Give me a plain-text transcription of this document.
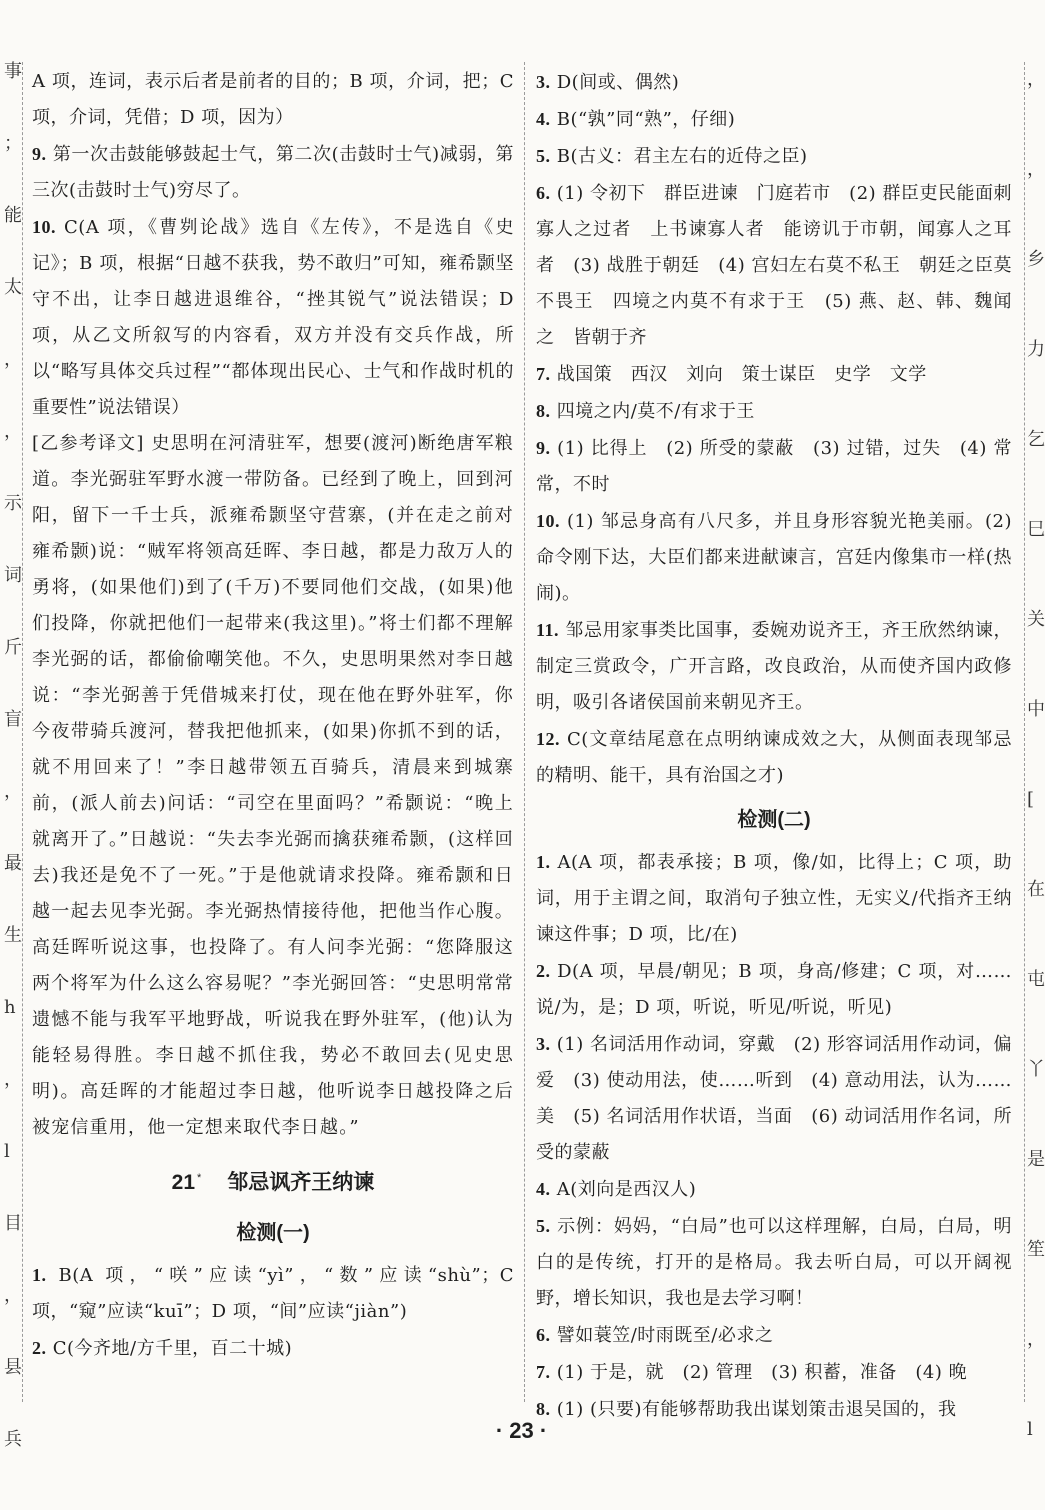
事
；
能
太
，
，
示
词
斤
盲
，
最
生
h
，
l
目
，
县
兵
，
，
乡
力
乞
巳
关
中
[
在
屯
丫
是
笙
，
l

A 项，连词，表示后者是前者的目的；B 项，介词，把；C 项，介词，凭借；D 项，因为）

9. 第一次击鼓能够鼓起士气，第二次(击鼓时士气)减弱，第三次(击鼓时士气)穷尽了。

10. C(A 项，《曹刿论战》选自《左传》，不是选自《史记》；B 项，根据“日越不获我，势不敢归”可知，雍希颢坚守不出，让李日越进退维谷，“挫其锐气”说法错误；D 项，从乙文所叙写的内容看，双方并没有交兵作战，所以“略写具体交兵过程”“都体现出民心、士气和作战时机的重要性”说法错误）

[乙参考译文] 史思明在河清驻军，想要(渡河)断绝唐军粮道。李光弼驻军野水渡一带防备。已经到了晚上，回到河阳，留下一千士兵，派雍希颢坚守营寨，(并在走之前对雍希颢)说：“贼军将领高廷晖、李日越，都是力敌万人的勇将，(如果他们)到了(千万)不要同他们交战，(如果)他们投降，你就把他们一起带来(我这里)。”将士们都不理解李光弼的话，都偷偷嘲笑他。不久，史思明果然对李日越说：“李光弼善于凭借城来打仗，现在他在野外驻军，你今夜带骑兵渡河，替我把他抓来，(如果)你抓不到的话，就不用回来了！”李日越带领五百骑兵，清晨来到城寨前，(派人前去)问话：“司空在里面吗？”希颢说：“晚上就离开了。”日越说：“失去李光弼而擒获雍希颢，(这样回去)我还是免不了一死。”于是他就请求投降。雍希颢和日越一起去见李光弼。李光弼热情接待他，把他当作心腹。高廷晖听说这事，也投降了。有人问李光弼：“您降服这两个将军为什么这么容易呢？”李光弼回答：“史思明常常遗憾不能与我军平地野战，听说我在野外驻军，(他)认为能轻易得胜。李日越不抓住我，势必不敢回去(见史思明)。高廷晖的才能超过李日越，他听说李日越投降之后被宠信重用，他一定想来取代李日越。”

21 * 邹忌讽齐王纳谏
检测(一)

1. B(A 项，“咲”应读“yì”，“数”应读“shù”；C 项，“窥”应读“kuī”；D 项，“间”应读“jiàn”)

2. C(今齐地/方千里，百二十城)

3. D(间或、偶然)

4. B(“孰”同“熟”，仔细)

5. B(古义：君主左右的近侍之臣)

6. (1) 令初下　群臣进谏　门庭若市　(2) 群臣吏民能面刺寡人之过者　上书谏寡人者　能谤讥于市朝，闻寡人之耳者　(3) 战胜于朝廷　(4) 宫妇左右莫不私王　朝廷之臣莫不畏王　四境之内莫不有求于王　(5) 燕、赵、韩、魏闻之　皆朝于齐

7. 战国策　西汉　刘向　策士谋臣　史学　文学

8. 四境之内/莫不/有求于王

9. (1) 比得上　(2) 所受的蒙蔽　(3) 过错，过失　(4) 常常，不时

10. (1) 邹忌身高有八尺多，并且身形容貌光艳美丽。(2) 命令刚下达，大臣们都来进献谏言，宫廷内像集市一样(热闹)。

11. 邹忌用家事类比国事，委婉劝说齐王，齐王欣然纳谏，制定三赏政令，广开言路，改良政治，从而使齐国内政修明，吸引各诸侯国前来朝见齐王。

12. C(文章结尾意在点明纳谏成效之大，从侧面表现邹忌的精明、能干，具有治国之才)

检测(二)

1. A(A 项，都表承接；B 项，像/如，比得上；C 项，助词，用于主谓之间，取消句子独立性，无实义/代指齐王纳谏这件事；D 项，比/在)

2. D(A 项，早晨/朝见；B 项，身高/修建；C 项，对……说/为，是；D 项，听说，听见/听说，听见)

3. (1) 名词活用作动词，穿戴　(2) 形容词活用作动词，偏爱　(3) 使动用法，使……听到　(4) 意动用法，认为……美　(5) 名词活用作状语，当面　(6) 动词活用作名词，所受的蒙蔽

4. A(刘向是西汉人)

5. 示例：妈妈，“白局”也可以这样理解，白局，白局，明白的是传统，打开的是格局。我去听白局，可以开阔视野，增长知识，我也是去学习啊！

6. 譬如蓑笠/时雨既至/必求之

7. (1) 于是，就　(2) 管理　(3) 积蓄，准备　(4) 晚

8. (1) (只要)有能够帮助我出谋划策击退吴国的，我

· 23 ·
